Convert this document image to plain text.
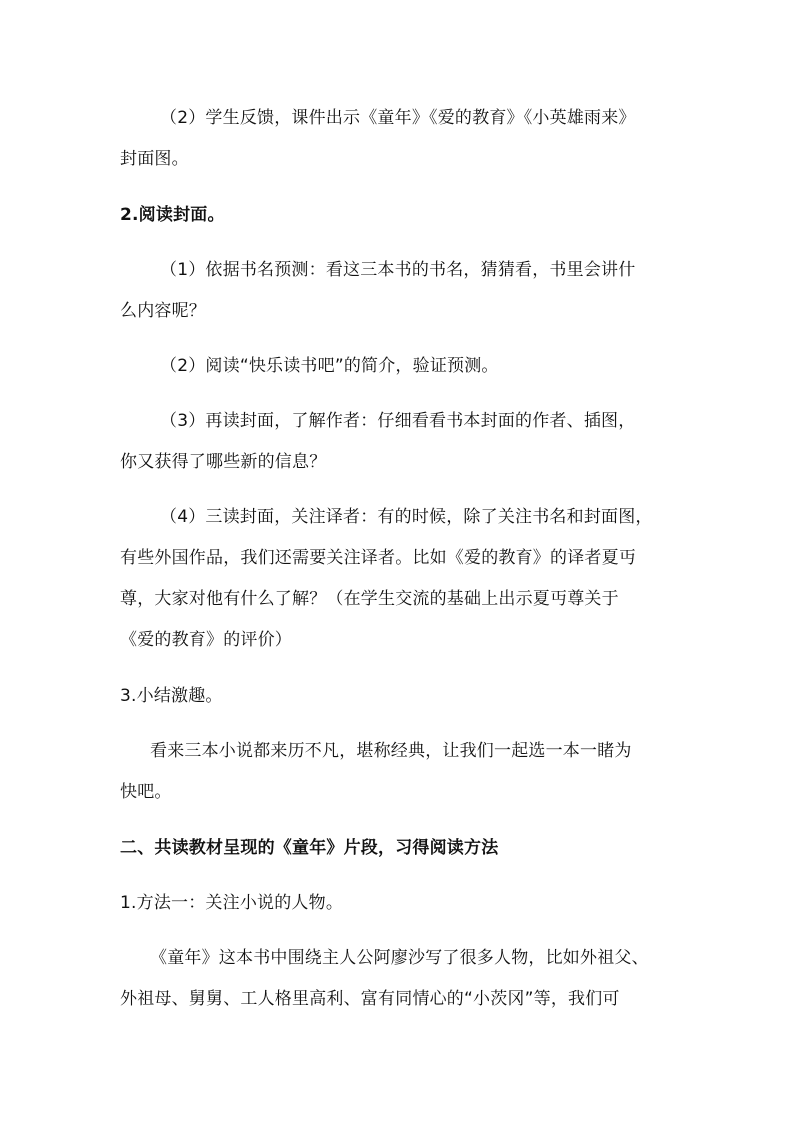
（2）学生反馈，课件出示《童年》《爱的教育》《小英雄雨来》
封面图。
2.阅读封面。
（1）依据书名预测：看这三本书的书名，猜猜看，书里会讲什
么内容呢？
（2）阅读“快乐读书吧”的简介，验证预测。
（3）再读封面，了解作者：仔细看看书本封面的作者、插图，
你又获得了哪些新的信息？
（4）三读封面，关注译者：有的时候，除了关注书名和封面图，
有些外国作品，我们还需要关注译者。比如《爱的教育》的译者夏丏
尊，大家对他有什么了解？（在学生交流的基础上出示夏丏尊关于
《爱的教育》的评价）
3.小结激趣。
看来三本小说都来历不凡，堪称经典，让我们一起选一本一睹为
快吧。
二、共读教材呈现的《童年》片段，习得阅读方法
1.方法一：关注小说的人物。
《童年》这本书中围绕主人公阿廖沙写了很多人物，比如外祖父、
外祖母、舅舅、工人格里高利、富有同情心的“小茨冈”等，我们可
